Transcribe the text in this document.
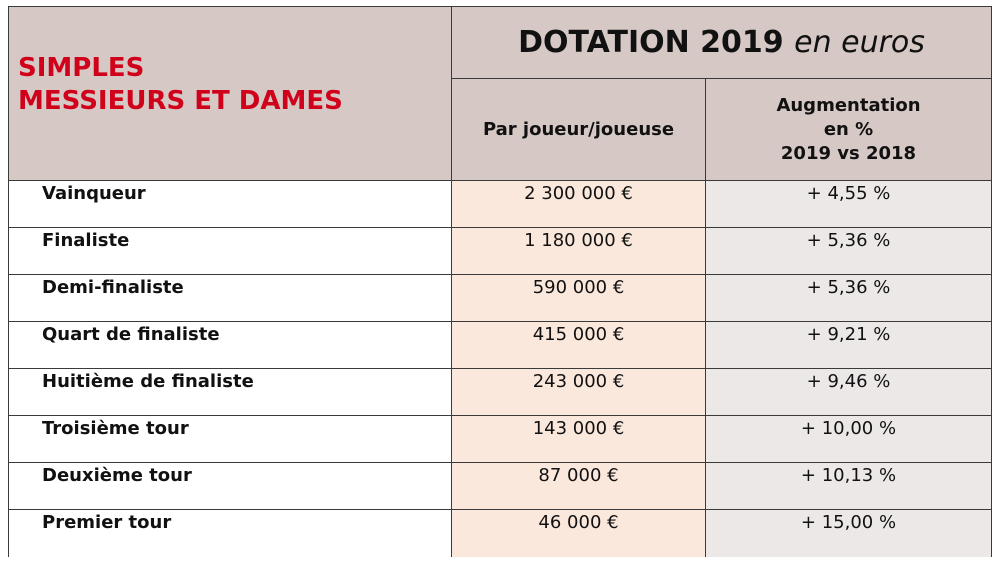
SIMPLES
MESSIEURS ET DAMES
DOTATION 2019 en euros
Par joueur/joueuse
Augmentation
en %
2019 vs 2018
Vainqueur	2 300 000 €	+ 4,55 %
Finaliste	1 180 000 €	+ 5,36 %
Demi-finaliste	590 000 €	+ 5,36 %
Quart de finaliste	415 000 €	+ 9,21 %
Huitième de finaliste	243 000 €	+ 9,46 %
Troisième tour	143 000 €	+ 10,00 %
Deuxième tour	87 000 €	+ 10,13 %
Premier tour	46 000 €	+ 15,00 %
